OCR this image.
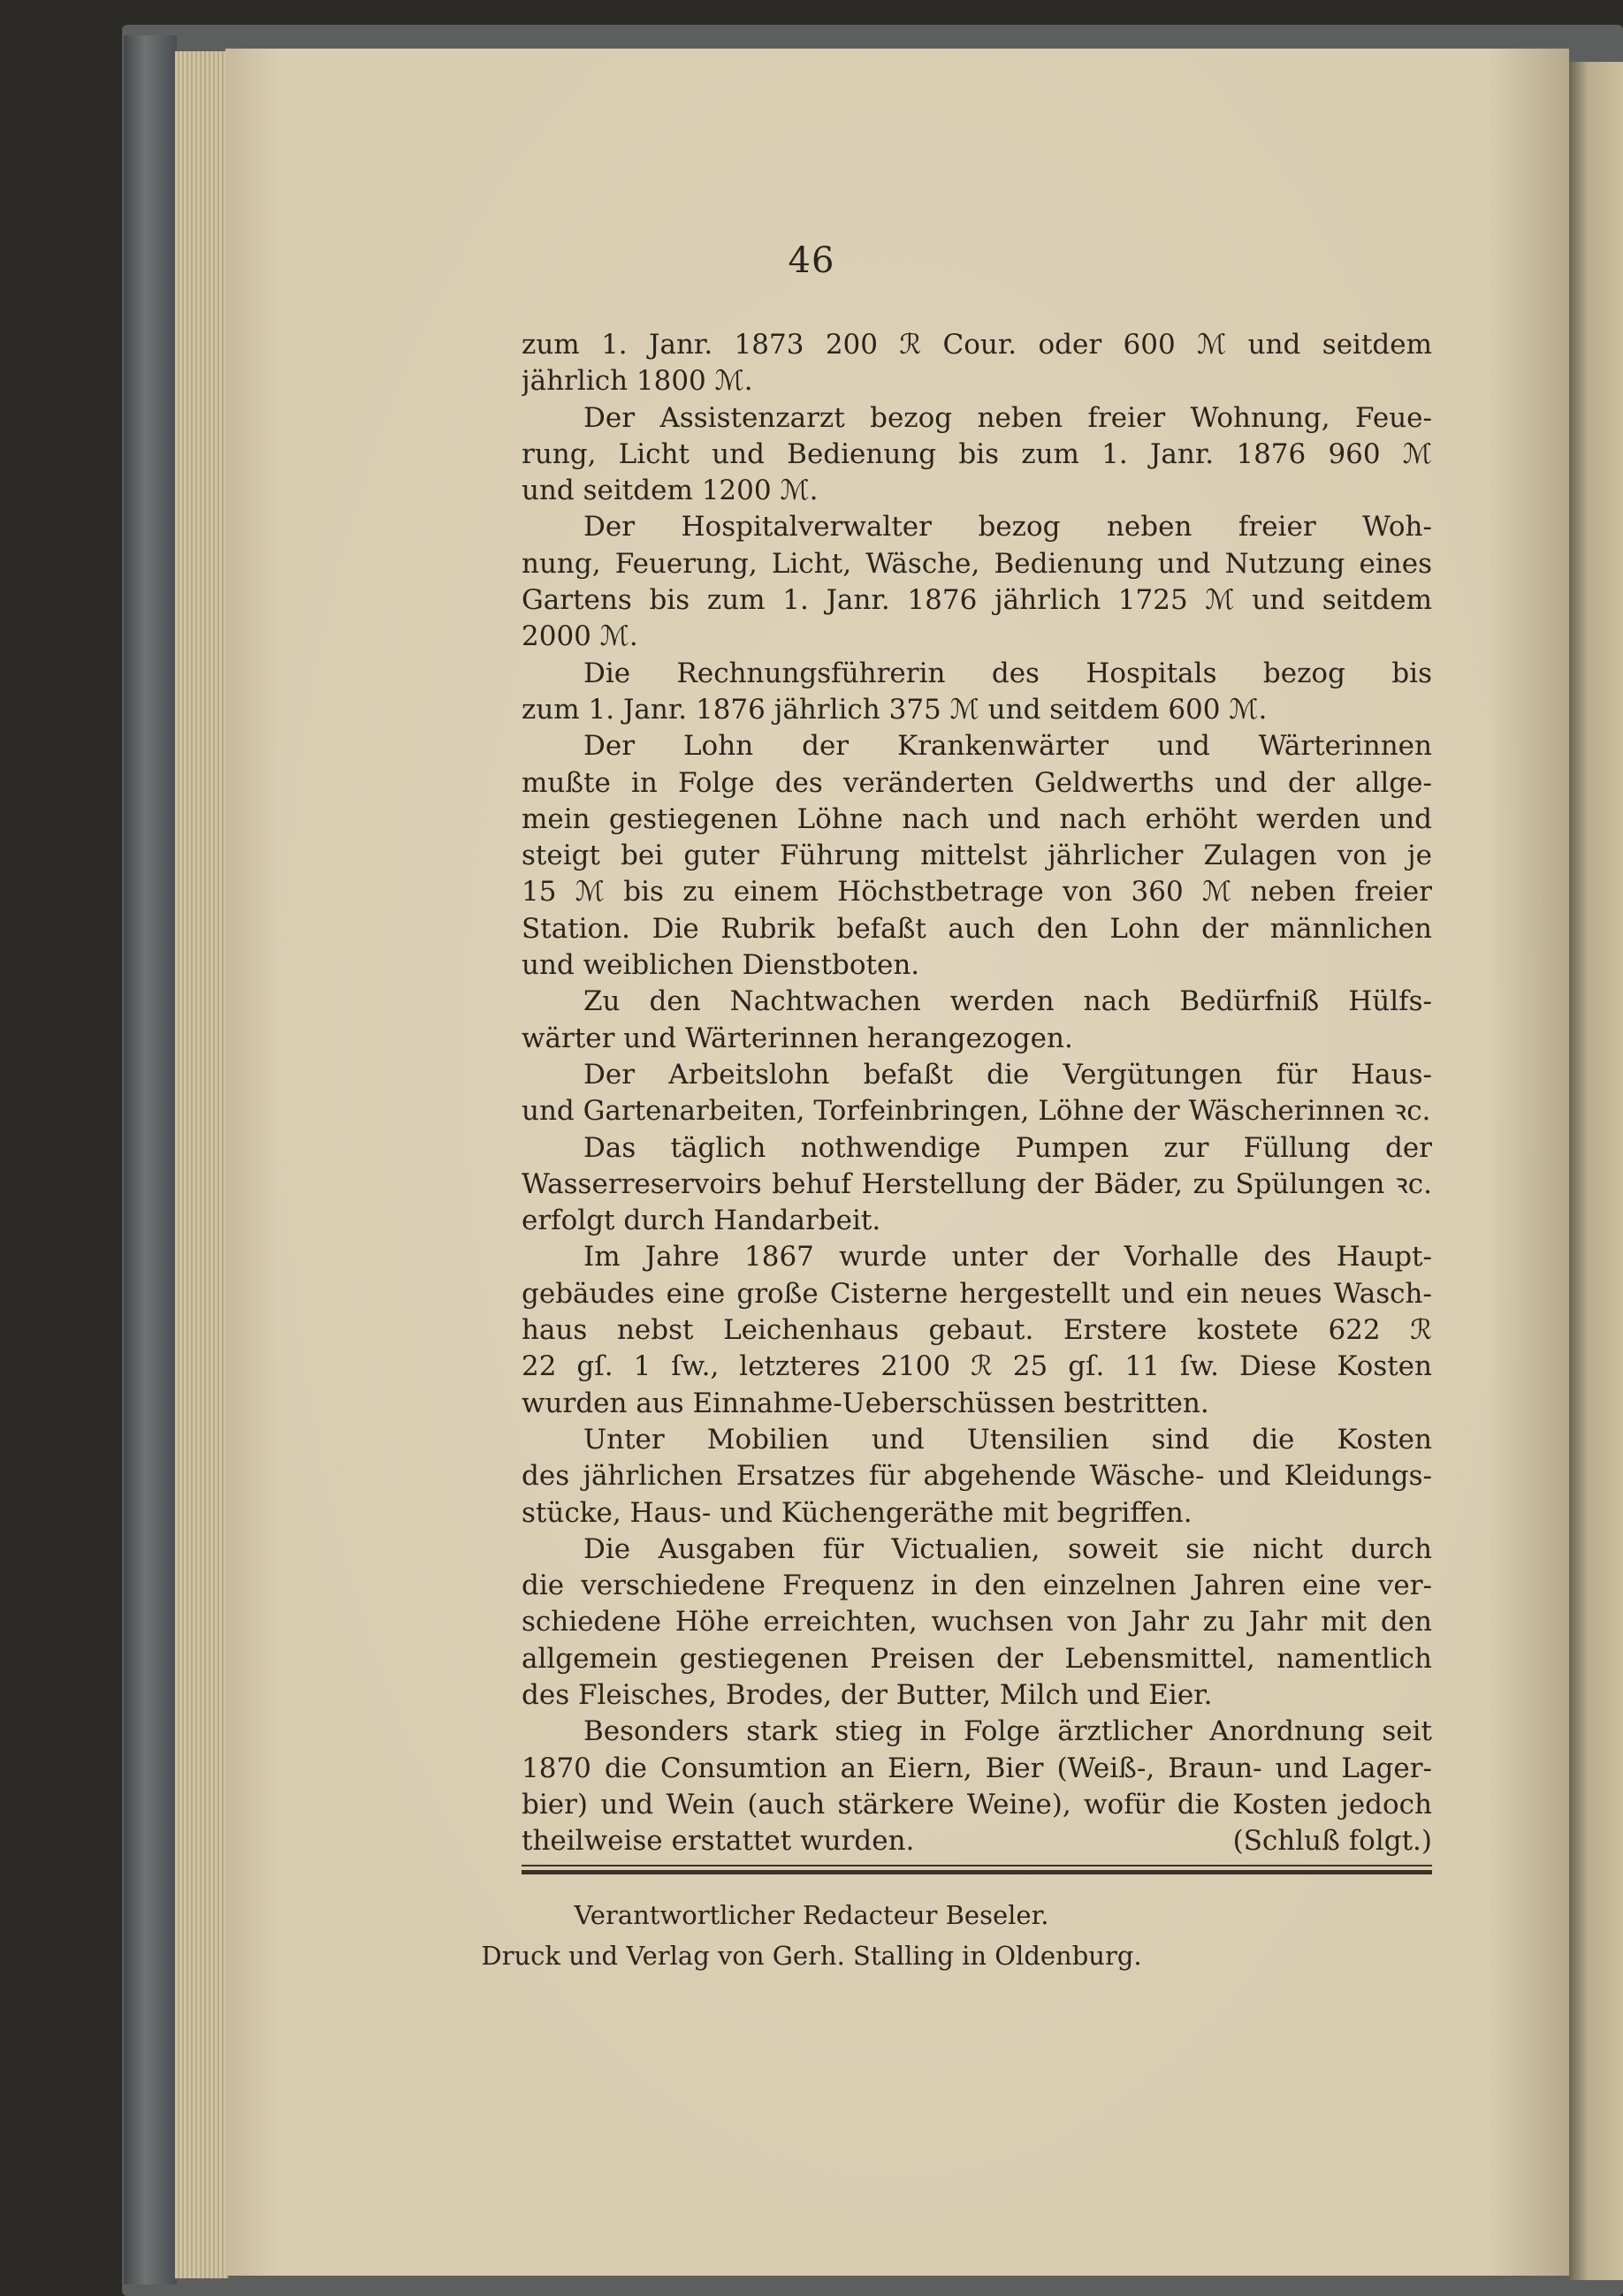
46
zum 1. Janr. 1873 200 ℛ Cour. oder 600 ℳ und seitdem
jährlich 1800 ℳ.
Der Assistenzarzt bezog neben freier Wohnung, Feue-
rung, Licht und Bedienung bis zum 1. Janr. 1876 960 ℳ
und seitdem 1200 ℳ.
Der Hospitalverwalter bezog neben freier Woh-
nung, Feuerung, Licht, Wäsche, Bedienung und Nutzung eines
Gartens bis zum 1. Janr. 1876 jährlich 1725 ℳ und seitdem
2000 ℳ.
Die Rechnungsführerin des Hospitals bezog bis
zum 1. Janr. 1876 jährlich 375 ℳ und seitdem 600 ℳ.
Der Lohn der Krankenwärter und Wärterinnen
mußte in Folge des veränderten Geldwerths und der allge-
mein gestiegenen Löhne nach und nach erhöht werden und
steigt bei guter Führung mittelst jährlicher Zulagen von je
15 ℳ bis zu einem Höchstbetrage von 360 ℳ neben freier
Station. Die Rubrik befaßt auch den Lohn der männlichen
und weiblichen Dienstboten.
Zu den Nachtwachen werden nach Bedürfniß Hülfs-
wärter und Wärterinnen herangezogen.
Der Arbeitslohn befaßt die Vergütungen für Haus-
und Gartenarbeiten, Torfeinbringen, Löhne der Wäscherinnen ꝛc.
Das täglich nothwendige Pumpen zur Füllung der
Wasserreservoirs behuf Herstellung der Bäder, zu Spülungen ꝛc.
erfolgt durch Handarbeit.
Im Jahre 1867 wurde unter der Vorhalle des Haupt-
gebäudes eine große Cisterne hergestellt und ein neues Wasch-
haus nebst Leichenhaus gebaut. Erstere kostete 622 ℛ
22 gſ. 1 ſw., letzteres 2100 ℛ 25 gſ. 11 ſw. Diese Kosten
wurden aus Einnahme-Ueberschüssen bestritten.
Unter Mobilien und Utensilien sind die Kosten
des jährlichen Ersatzes für abgehende Wäsche- und Kleidungs-
stücke, Haus- und Küchengeräthe mit begriffen.
Die Ausgaben für Victualien, soweit sie nicht durch
die verschiedene Frequenz in den einzelnen Jahren eine ver-
schiedene Höhe erreichten, wuchsen von Jahr zu Jahr mit den
allgemein gestiegenen Preisen der Lebensmittel, namentlich
des Fleisches, Brodes, der Butter, Milch und Eier.
Besonders stark stieg in Folge ärztlicher Anordnung seit
1870 die Consumtion an Eiern, Bier (Weiß-, Braun- und Lager-
bier) und Wein (auch stärkere Weine), wofür die Kosten jedoch
theilweise erstattet wurden.	(Schluß folgt.)
Verantwortlicher Redacteur Beseler.
Druck und Verlag von Gerh. Stalling in Oldenburg.
